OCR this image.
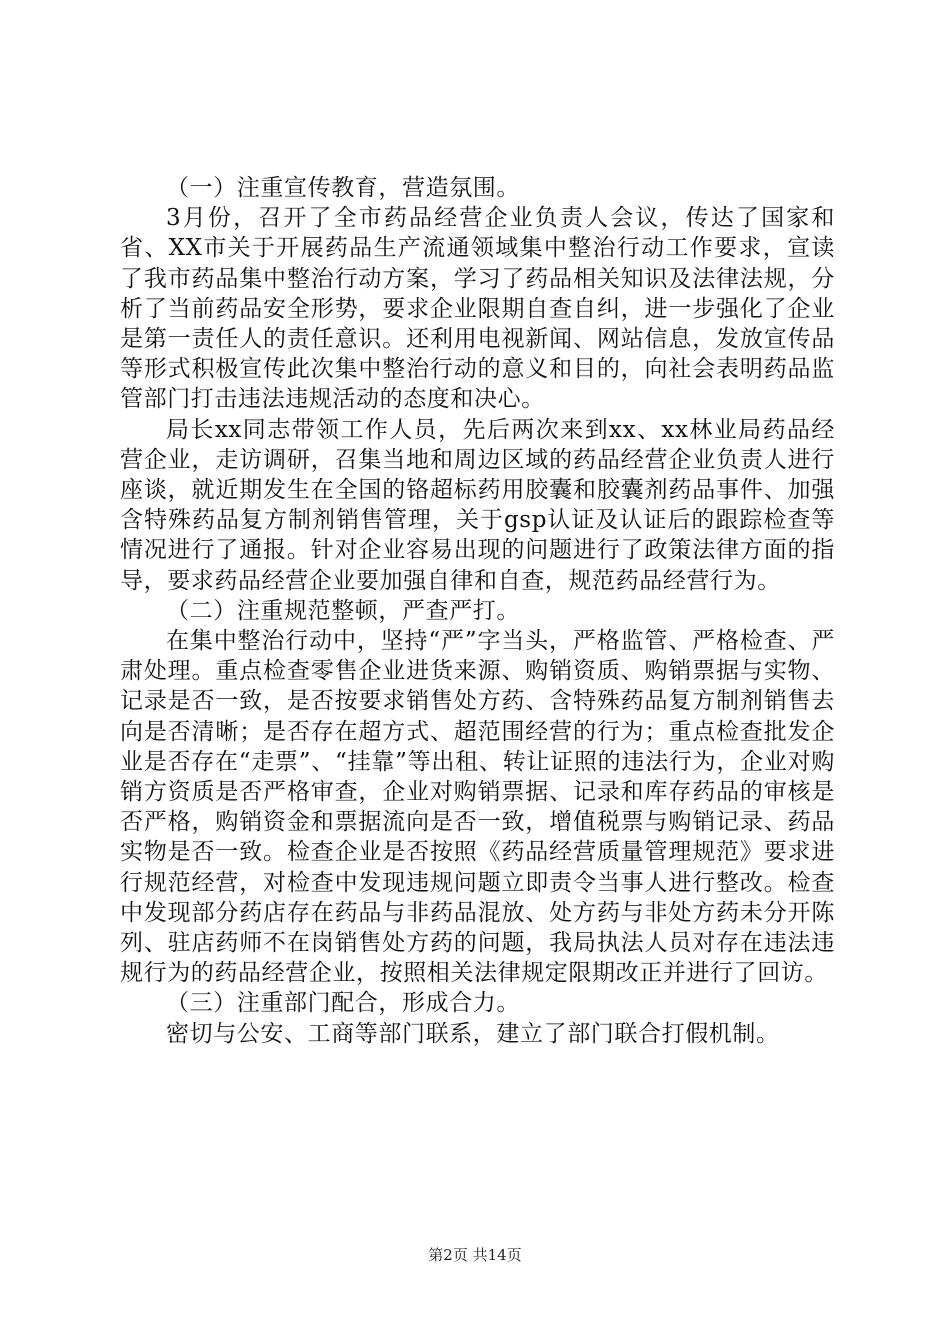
（一）注重宣传教育，营造氛围。

3月份，召开了全市药品经营企业负责人会议，传达了国家和省、XX市关于开展药品生产流通领域集中整治行动工作要求，宣读了我市药品集中整治行动方案，学习了药品相关知识及法律法规，分析了当前药品安全形势，要求企业限期自查自纠，进一步强化了企业是第一责任人的责任意识。还利用电视新闻、网站信息，发放宣传品等形式积极宣传此次集中整治行动的意义和目的，向社会表明药品监管部门打击违法违规活动的态度和决心。

局长xx同志带领工作人员，先后两次来到xx、xx林业局药品经营企业，走访调研，召集当地和周边区域的药品经营企业负责人进行座谈，就近期发生在全国的铬超标药用胶囊和胶囊剂药品事件、加强含特殊药品复方制剂销售管理，关于gsp认证及认证后的跟踪检查等情况进行了通报。针对企业容易出现的问题进行了政策法律方面的指导，要求药品经营企业要加强自律和自查，规范药品经营行为。

（二）注重规范整顿，严查严打。

在集中整治行动中，坚持“严”字当头，严格监管、严格检查、严肃处理。重点检查零售企业进货来源、购销资质、购销票据与实物、记录是否一致，是否按要求销售处方药、含特殊药品复方制剂销售去向是否清晰；是否存在超方式、超范围经营的行为；重点检查批发企业是否存在“走票”、“挂靠”等出租、转让证照的违法行为，企业对购销方资质是否严格审查，企业对购销票据、记录和库存药品的审核是否严格，购销资金和票据流向是否一致，增值税票与购销记录、药品实物是否一致。检查企业是否按照《药品经营质量管理规范》要求进行规范经营，对检查中发现违规问题立即责令当事人进行整改。检查中发现部分药店存在药品与非药品混放、处方药与非处方药未分开陈列、驻店药师不在岗销售处方药的问题，我局执法人员对存在违法违规行为的药品经营企业，按照相关法律规定限期改正并进行了回访。

（三）注重部门配合，形成合力。

密切与公安、工商等部门联系，建立了部门联合打假机制。

第2页 共14页
